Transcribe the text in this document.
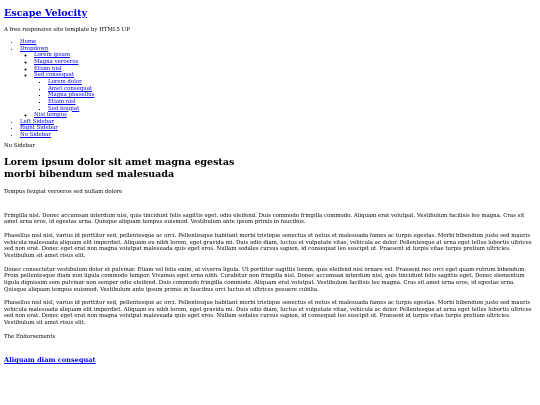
Escape Velocity

A free responsive site template by HTML5 UP

• Home
• Dropdown
◦ Lorem ipsum
◦ Magna veroeros
◦ Etiam nisl
◦ Sed consequat
▪ Lorem dolor
▪ Amet consequat
▪ Magna phasellus
▪ Etiam nisl
▪ Sed feugiat
◦ Nisl tempus
• Left Sidebar
• Right Sidebar
• No Sidebar

No Sidebar

Lorem ipsum dolor sit amet magna egestas
morbi bibendum sed malesuada

Tempus feugiat veroeros sed nullam dolore

Fringilla nisl. Donec accumsan interdum nisi, quis tincidunt felis sagittis eget. odio eleifend. Duis commodo fringilla commodo. Aliquam erat volutpat. Vestibulum facilisis leo magna. Cras sit amet urna eros, id egestas urna. Quisque aliquam tempus euismod. Vestibulum ante ipsum primis in faucibus.

Phasellus nisl nisl, varius id porttitor sed, pellentesque ac orci. Pellentesque habitant morbi tristique senectus et netus et malesuada fames ac turpis egestas. Morbi bibendum justo sed mauris vehicula malesuada aliquam elit imperdiet. Aliquam eu nibh lorem, eget gravida mi. Duis odio diam, luctus et vulputate vitae, vehicula ac dolor. Pellentesque at urna eget tellus lobortis ultrices sed non erat. Donec eget erat non magna volutpat malesuada quis eget eros. Nullam sodales cursus sapien, id consequat leo suscipit ut. Praesent id turpis vitae turpis pretium ultricies. Vestibulum sit amet risus elit.

Donec consectetur vestibulum dolor et pulvinar. Etiam vel felis enim, at viverra ligula. Ut porttitor sagittis lorem, quis eleifend nisi ornare vel. Praesent nec orci eget quam rutrum bibendum. Proin pellentesque diam non ligula commodo tempor. Vivamus eget urna nibh. Curabitur non fringilla nisl. Donec accumsan interdum nisi, quis tincidunt felis sagittis eget. Donec elementum ligula dignissim sem pulvinar non semper odio eleifend. Duis commodo fringilla commodo. Aliquam erat volutpat. Vestibulum facilisis leo magna. Cras sit amet urna eros, id egestas urna. Quisque aliquam tempus euismod. Vestibulum ante ipsum primis in faucibus orci luctus et ultrices posuere cubilia.

Phasellus nisl nisl, varius id porttitor sed, pellentesque ac orci. Pellentesque habitant morbi tristique senectus et netus et malesuada fames ac turpis egestas. Morbi bibendum justo sed mauris vehicula malesuada aliquam elit imperdiet. Aliquam eu nibh lorem, eget gravida mi. Duis odio diam, luctus et vulputate vitae, vehicula ac dolor. Pellentesque at urna eget tellus lobortis ultrices sed non erat. Donec eget erat non magna volutpat malesuada quis eget eros. Nullam sodales cursus sapien, id consequat leo suscipit ut. Praesent id turpis vitae turpis pretium ultricies. Vestibulum sit amet risus elit.

The Endorsements

Aliquam diam consequat
